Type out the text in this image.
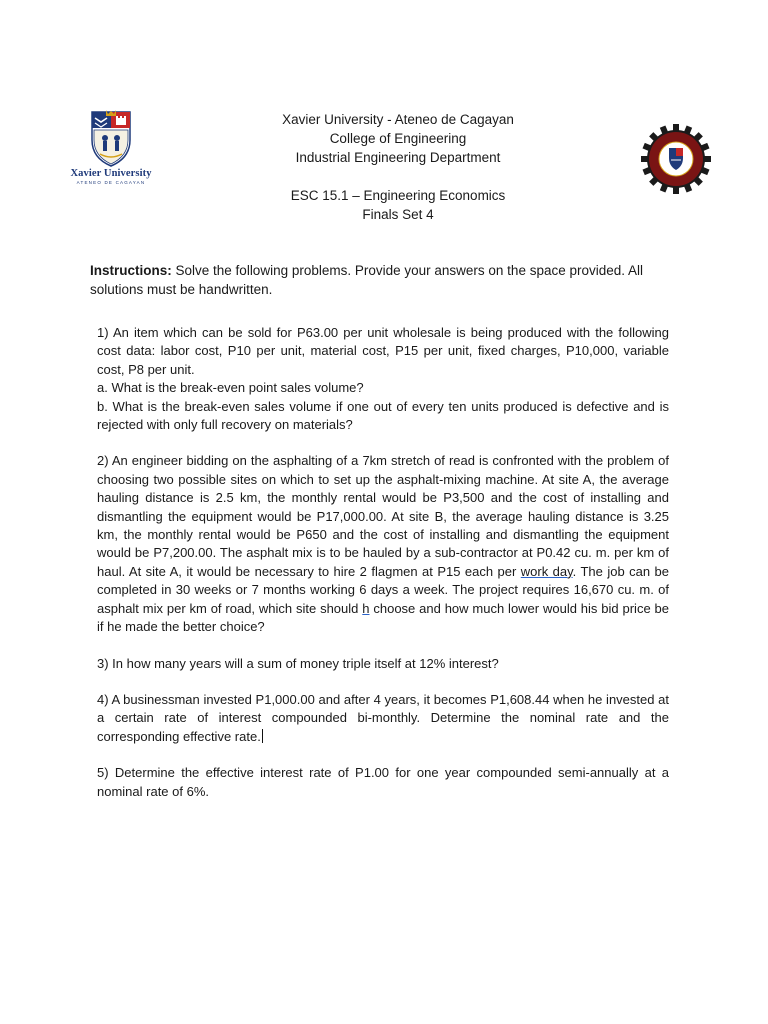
Xavier University
ATENEO DE CAGAYAN
Xavier University - Ateneo de Cagayan
College of Engineering
Industrial Engineering Department
ESC 15.1 – Engineering Economics
Finals Set 4
Instructions: Solve the following problems. Provide your answers on the space provided. All solutions must be handwritten.

1) An item which can be sold for P63.00 per unit wholesale is being produced with the following cost data: labor cost, P10 per unit, material cost, P15 per unit, fixed charges, P10,000, variable cost, P8 per unit.

a. What is the break-even point sales volume?

b. What is the break-even sales volume if one out of every ten units produced is defective and is rejected with only full recovery on materials?

2) An engineer bidding on the asphalting of a 7km stretch of read is confronted with the problem of choosing two possible sites on which to set up the asphalt-mixing machine. At site A, the average hauling distance is 2.5 km, the monthly rental would be P3,500 and the cost of installing and dismantling the equipment would be P17,000.00. At site B, the average hauling distance is 3.25 km, the monthly rental would be P650 and the cost of installing and dismantling the equipment would be P7,200.00. The asphalt mix is to be hauled by a sub-contractor at P0.42 cu. m. per km of haul. At site A, it would be necessary to hire 2 flagmen at P15 each per work day. The job can be completed in 30 weeks or 7 months working 6 days a week. The project requires 16,670 cu. m. of asphalt mix per km of road, which site should h choose and how much lower would his bid price be if he made the better choice?

3) In how many years will a sum of money triple itself at 12% interest?

4) A businessman invested P1,000.00 and after 4 years, it becomes P1,608.44 when he invested at a certain rate of interest compounded bi-monthly. Determine the nominal rate and the corresponding effective rate.

5) Determine the effective interest rate of P1.00 for one year compounded semi-annually at a nominal rate of 6%.
